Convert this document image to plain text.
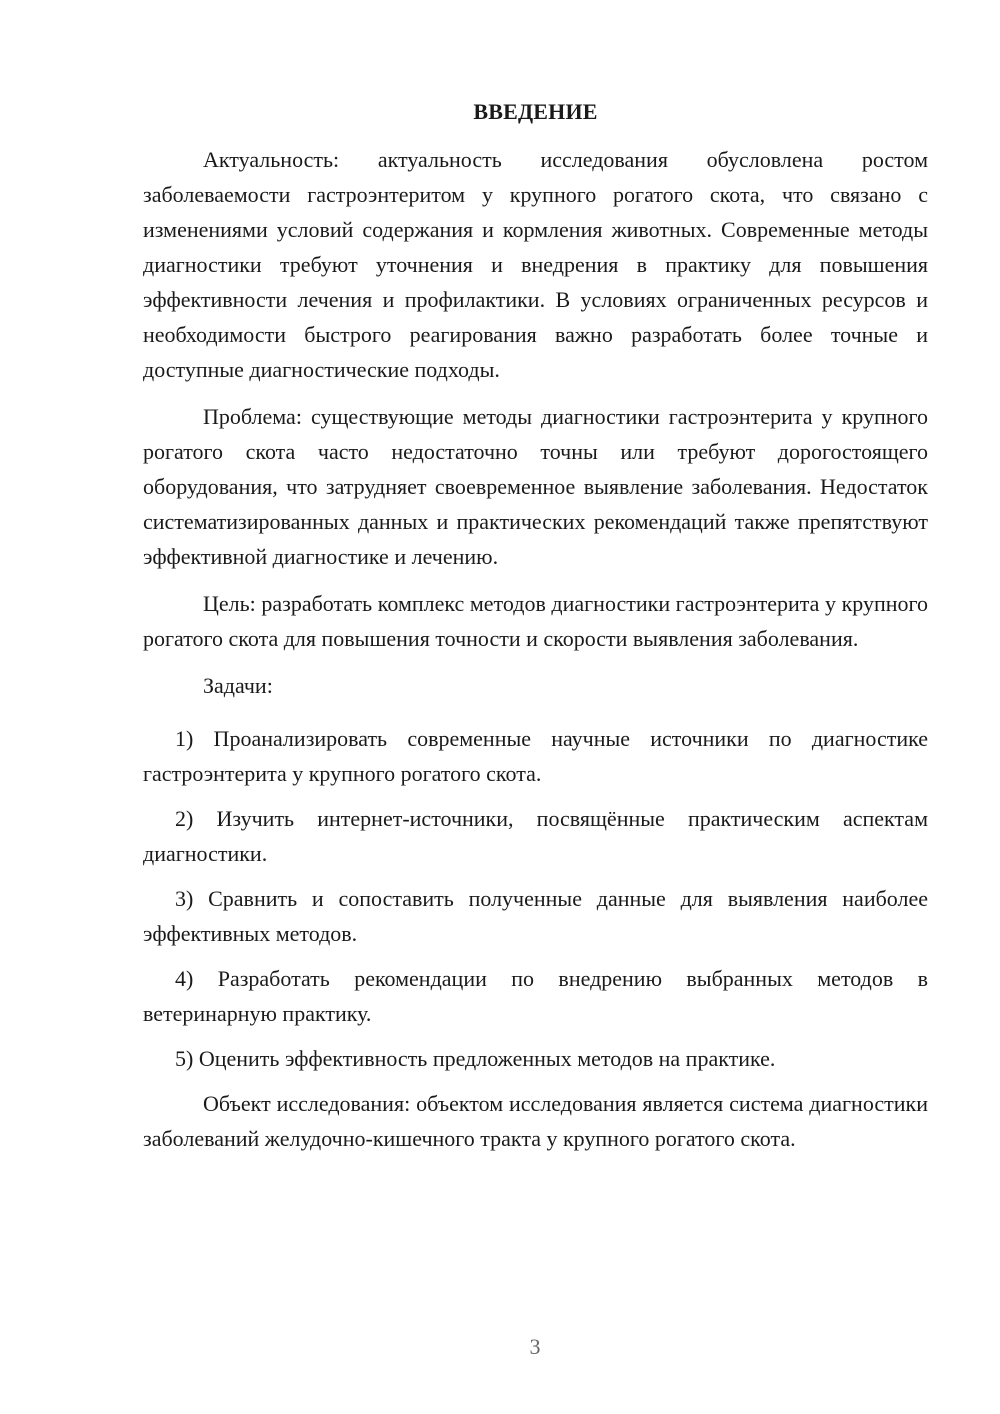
ВВЕДЕНИЕ

Актуальность: актуальность исследования обусловлена ростом заболеваемости гастроэнтеритом у крупного рогатого скота, что связано с изменениями условий содержания и кормления животных. Современные методы диагностики требуют уточнения и внедрения в практику для повышения эффективности лечения и профилактики. В условиях ограниченных ресурсов и необходимости быстрого реагирования важно разработать более точные и доступные диагностические подходы.

Проблема: существующие методы диагностики гастроэнтерита у крупного рогатого скота часто недостаточно точны или требуют дорогостоящего оборудования, что затрудняет своевременное выявление заболевания. Недостаток систематизированных данных и практических рекомендаций также препятствуют эффективной диагностике и лечению.

Цель: разработать комплекс методов диагностики гастроэнтерита у крупного рогатого скота для повышения точности и скорости выявления заболевания.

Задачи:

1) Проанализировать современные научные источники по диагностике гастроэнтерита у крупного рогатого скота.

2) Изучить интернет-источники, посвящённые практическим аспектам диагностики.

3) Сравнить и сопоставить полученные данные для выявления наиболее эффективных методов.

4) Разработать рекомендации по внедрению выбранных методов в ветеринарную практику.

5) Оценить эффективность предложенных методов на практике.

Объект исследования: объектом исследования является система диагностики заболеваний желудочно-кишечного тракта у крупного рогатого скота.

3
